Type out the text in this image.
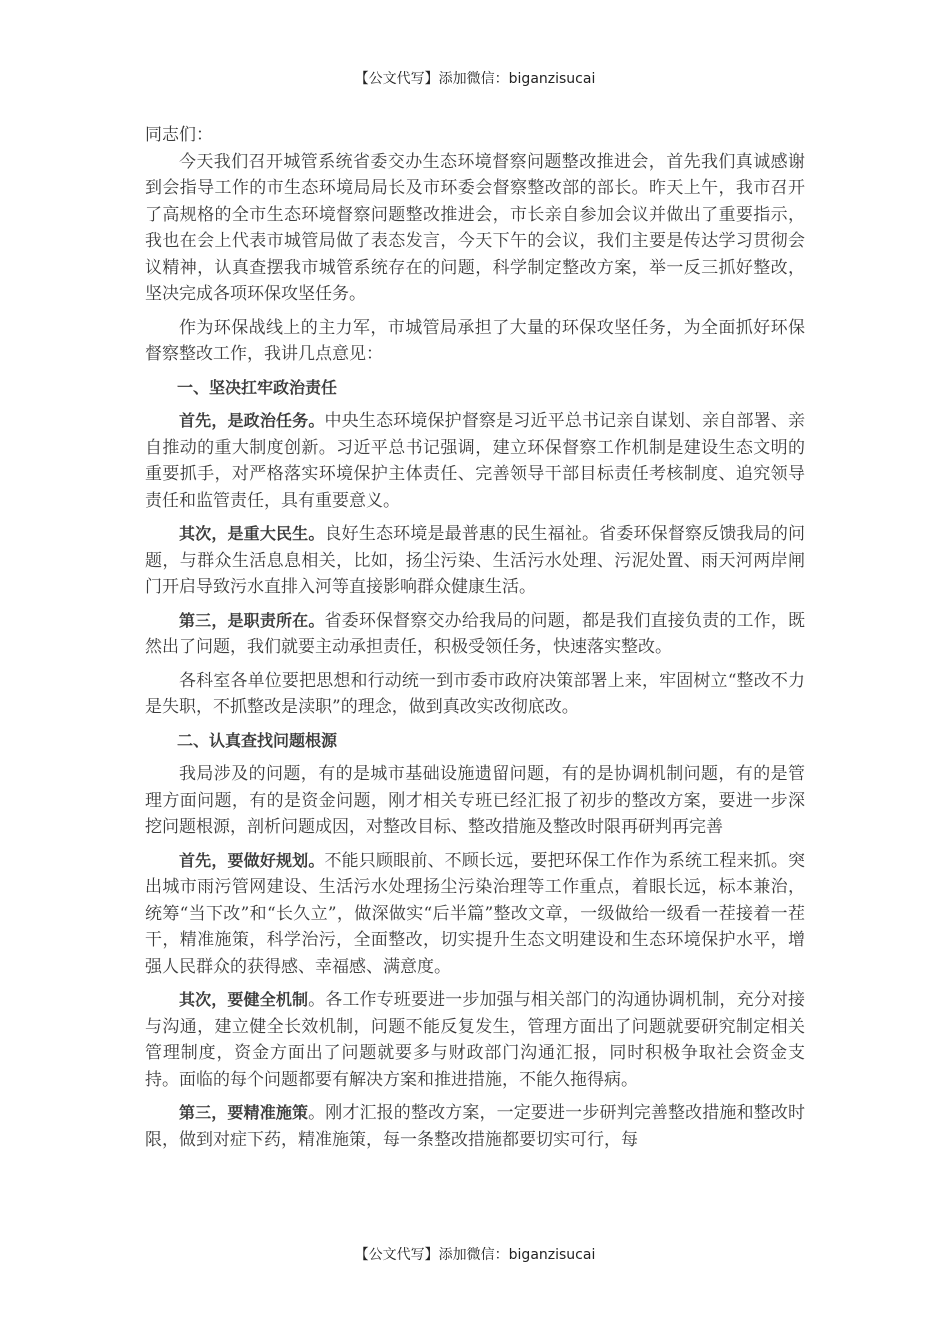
【公文代写】添加微信：biganzisucai

同志们：

今天我们召开城管系统省委交办生态环境督察问题整改推进会，首先我们真诚感谢到会指导工作的市生态环境局局长及市环委会督察整改部的部长。昨天上午，我市召开了高规格的全市生态环境督察问题整改推进会，市长亲自参加会议并做出了重要指示，我也在会上代表市城管局做了表态发言，今天下午的会议，我们主要是传达学习贯彻会议精神，认真查摆我市城管系统存在的问题，科学制定整改方案，举一反三抓好整改，坚决完成各项环保攻坚任务。

作为环保战线上的主力军，市城管局承担了大量的环保攻坚任务，为全面抓好环保督察整改工作，我讲几点意见：

一、坚决扛牢政治责任

首先，是政治任务。中央生态环境保护督察是习近平总书记亲自谋划、亲自部署、亲自推动的重大制度创新。习近平总书记强调，建立环保督察工作机制是建设生态文明的重要抓手，对严格落实环境保护主体责任、完善领导干部目标责任考核制度、追究领导责任和监管责任，具有重要意义。

其次，是重大民生。良好生态环境是最普惠的民生福祉。省委环保督察反馈我局的问题，与群众生活息息相关，比如，扬尘污染、生活污水处理、污泥处置、雨天河两岸闸门开启导致污水直排入河等直接影响群众健康生活。

第三，是职责所在。省委环保督察交办给我局的问题，都是我们直接负责的工作，既然出了问题，我们就要主动承担责任，积极受领任务，快速落实整改。

各科室各单位要把思想和行动统一到市委市政府决策部署上来，牢固树立“整改不力是失职，不抓整改是渎职”的理念，做到真改实改彻底改。

二、认真查找问题根源

我局涉及的问题，有的是城市基础设施遗留问题，有的是协调机制问题，有的是管理方面问题，有的是资金问题，刚才相关专班已经汇报了初步的整改方案，要进一步深挖问题根源，剖析问题成因，对整改目标、整改措施及整改时限再研判再完善

首先，要做好规划。不能只顾眼前、不顾长远，要把环保工作作为系统工程来抓。突出城市雨污管网建设、生活污水处理扬尘污染治理等工作重点，着眼长远，标本兼治，统筹“当下改”和“长久立”，做深做实“后半篇”整改文章，一级做给一级看一茬接着一茬干，精准施策，科学治污，全面整改，切实提升生态文明建设和生态环境保护水平，增强人民群众的获得感、幸福感、满意度。

其次，要健全机制。各工作专班要进一步加强与相关部门的沟通协调机制，充分对接与沟通，建立健全长效机制，问题不能反复发生，管理方面出了问题就要研究制定相关管理制度，资金方面出了问题就要多与财政部门沟通汇报，同时积极争取社会资金支持。面临的每个问题都要有解决方案和推进措施，不能久拖得病。

第三，要精准施策。刚才汇报的整改方案，一定要进一步研判完善整改措施和整改时限，做到对症下药，精准施策，每一条整改措施都要切实可行，每

【公文代写】添加微信：biganzisucai
